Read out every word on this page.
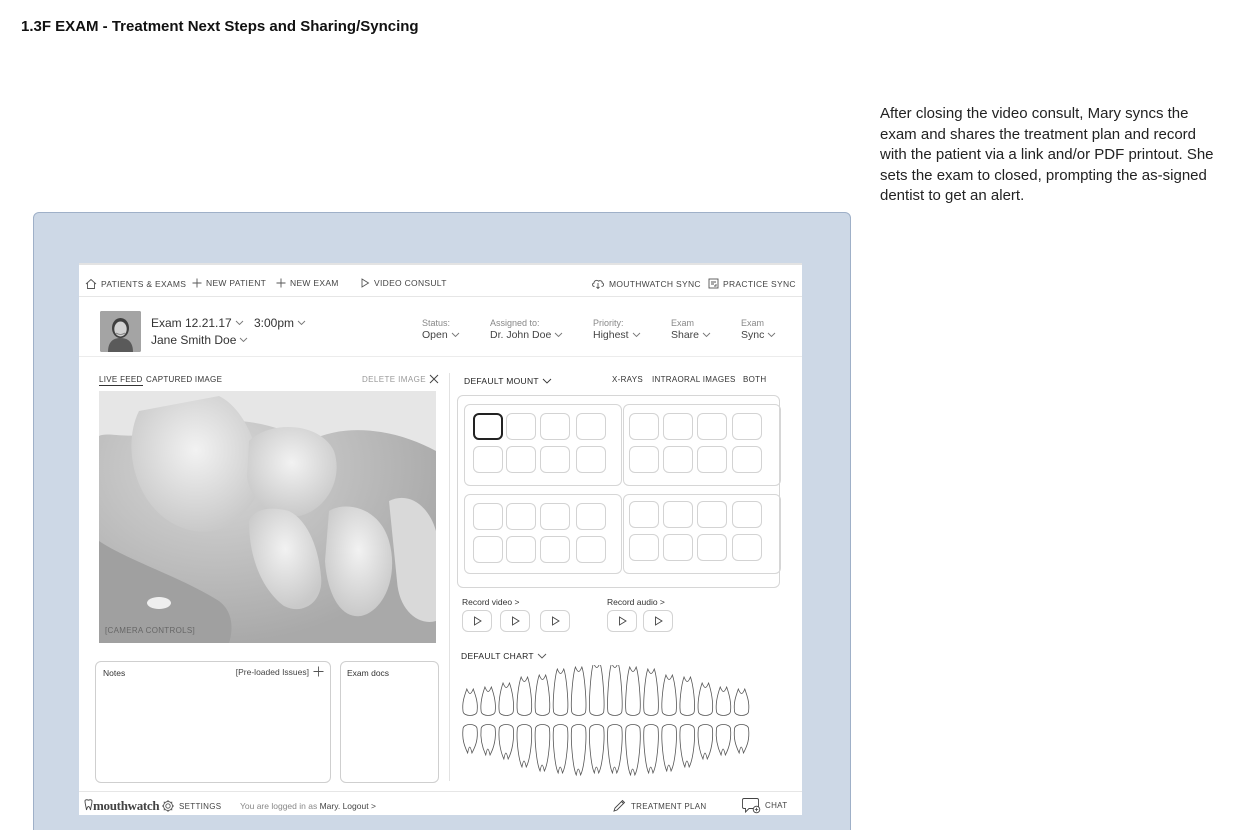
1.3F EXAM - Treatment Next Steps and Sharing/Syncing
After closing the video consult, Mary syncs the exam and shares the treatment plan and record with the patient via a link and/or PDF printout. She sets the exam to closed, prompting the as-signed dentist to get an alert.
PATIENTS & EXAMS NEW PATIENT	NEW EXAM	VIDEO CONSULT	MOUTHWATCH SYNC	PRACTICE SYNC
Exam 12.21.17 3:00pm
Jane Smith Doe
Status:
Open
Assigned to:
Dr. John Doe
Priority:
Highest
Exam
Share
Exam
Sync
LIVE FEED CAPTURED IMAGE	DELETE IMAGE
[CAMERA CONTROLS]
Notes	[Pre-loaded Issues]	Exam docs
DEFAULT MOUNT	X-RAYS INTRAORAL IMAGES BOTH
Record video >	Record audio >
DEFAULT CHART
mouthwatch SETTINGS You are logged in as Mary. Logout >	TREATMENT PLAN	CHAT
